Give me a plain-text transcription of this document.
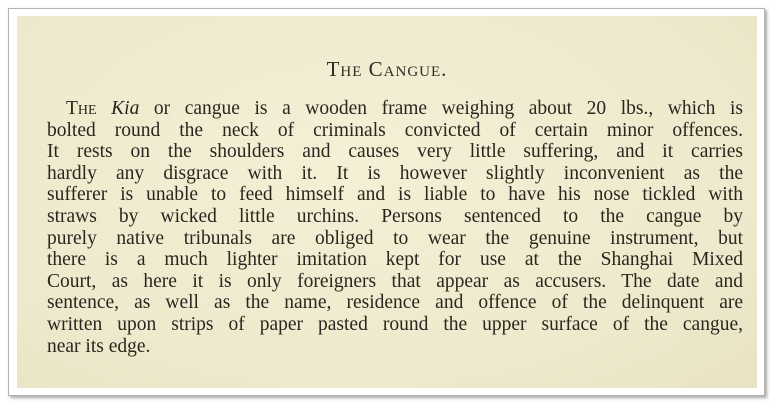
The Cangue.
The Kia or cangue is a wooden frame weighing about 20 lbs., which is
bolted round the neck of criminals convicted of certain minor offences.
It rests on the shoulders and causes very little suffering, and it carries
hardly any disgrace with it. It is however slightly inconvenient as the
sufferer is unable to feed himself and is liable to have his nose tickled with
straws by wicked little urchins. Persons sentenced to the cangue by
purely native tribunals are obliged to wear the genuine instrument, but
there is a much lighter imitation kept for use at the Shanghai Mixed
Court, as here it is only foreigners that appear as accusers. The date and
sentence, as well as the name, residence and offence of the delinquent are
written upon strips of paper pasted round the upper surface of the cangue,
near its edge.
